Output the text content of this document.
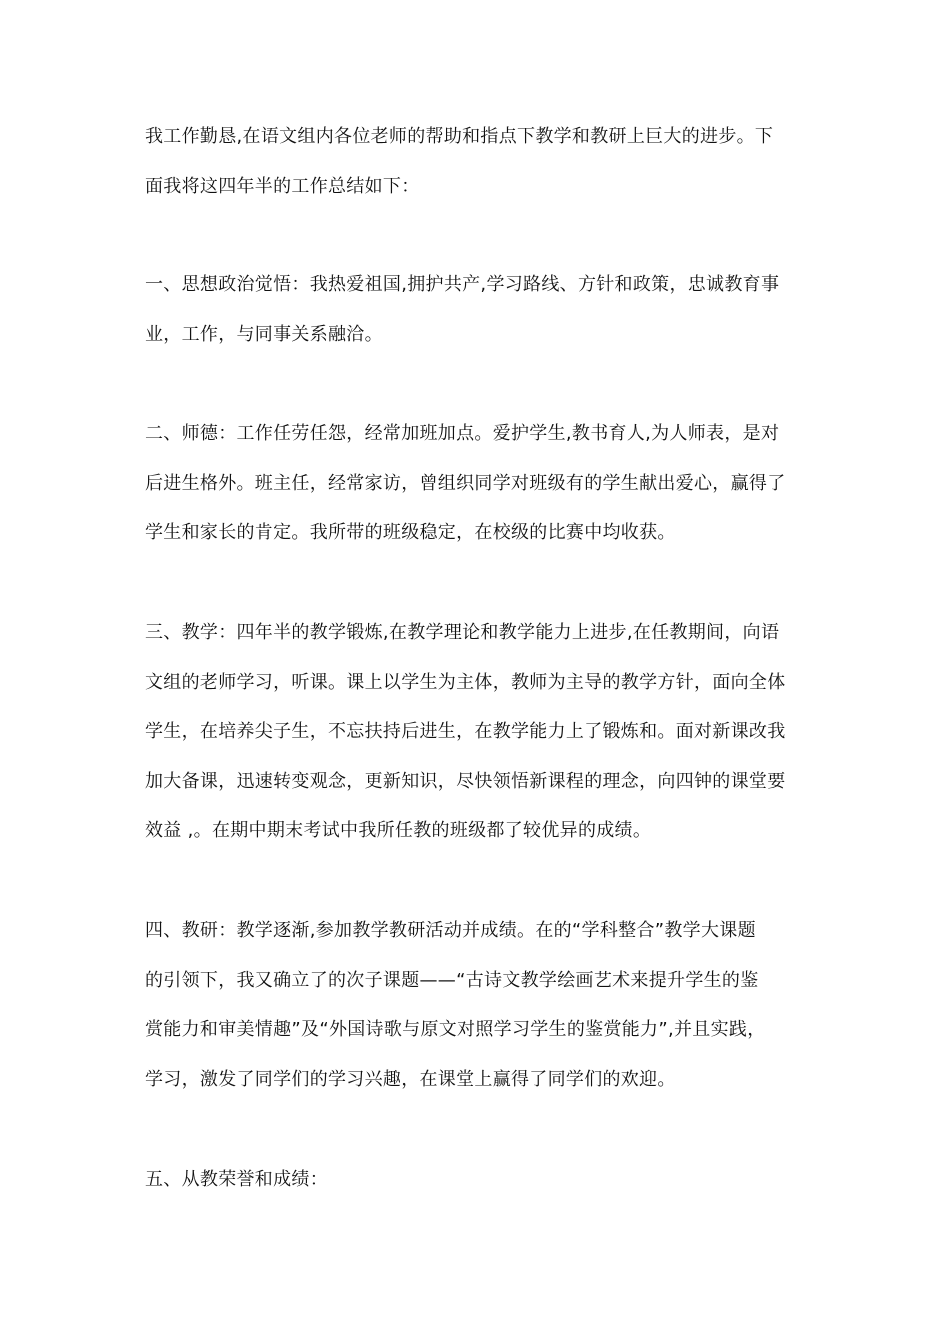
我工作勤恳,在语文组内各位老师的帮助和指点下教学和教研上巨大的进步。下
面我将这四年半的工作总结如下：

一、思想政治觉悟：我热爱祖国,拥护共产,学习路线、方针和政策，忠诚教育事
业，工作，与同事关系融洽。

二、师德：工作任劳任怨，经常加班加点。爱护学生,教书育人,为人师表，是对
后进生格外。班主任，经常家访，曾组织同学对班级有的学生献出爱心，赢得了
学生和家长的肯定。我所带的班级稳定，在校级的比赛中均收获。

三、教学：四年半的教学锻炼,在教学理论和教学能力上进步,在任教期间，向语
文组的老师学习，听课。课上以学生为主体，教师为主导的教学方针，面向全体
学生，在培养尖子生，不忘扶持后进生，在教学能力上了锻炼和。面对新课改我
加大备课，迅速转变观念，更新知识，尽快领悟新课程的理念，向四钟的课堂要
效益 ,。在期中期末考试中我所任教的班级都了较优异的成绩。

四、教研：教学逐渐,参加教学教研活动并成绩。在的“学科整合”教学大课题
的引领下，我又确立了的次子课题——“古诗文教学绘画艺术来提升学生的鉴
赏能力和审美情趣”及“外国诗歌与原文对照学习学生的鉴赏能力”,并且实践，
学习，激发了同学们的学习兴趣，在课堂上赢得了同学们的欢迎。

五、从教荣誉和成绩：
